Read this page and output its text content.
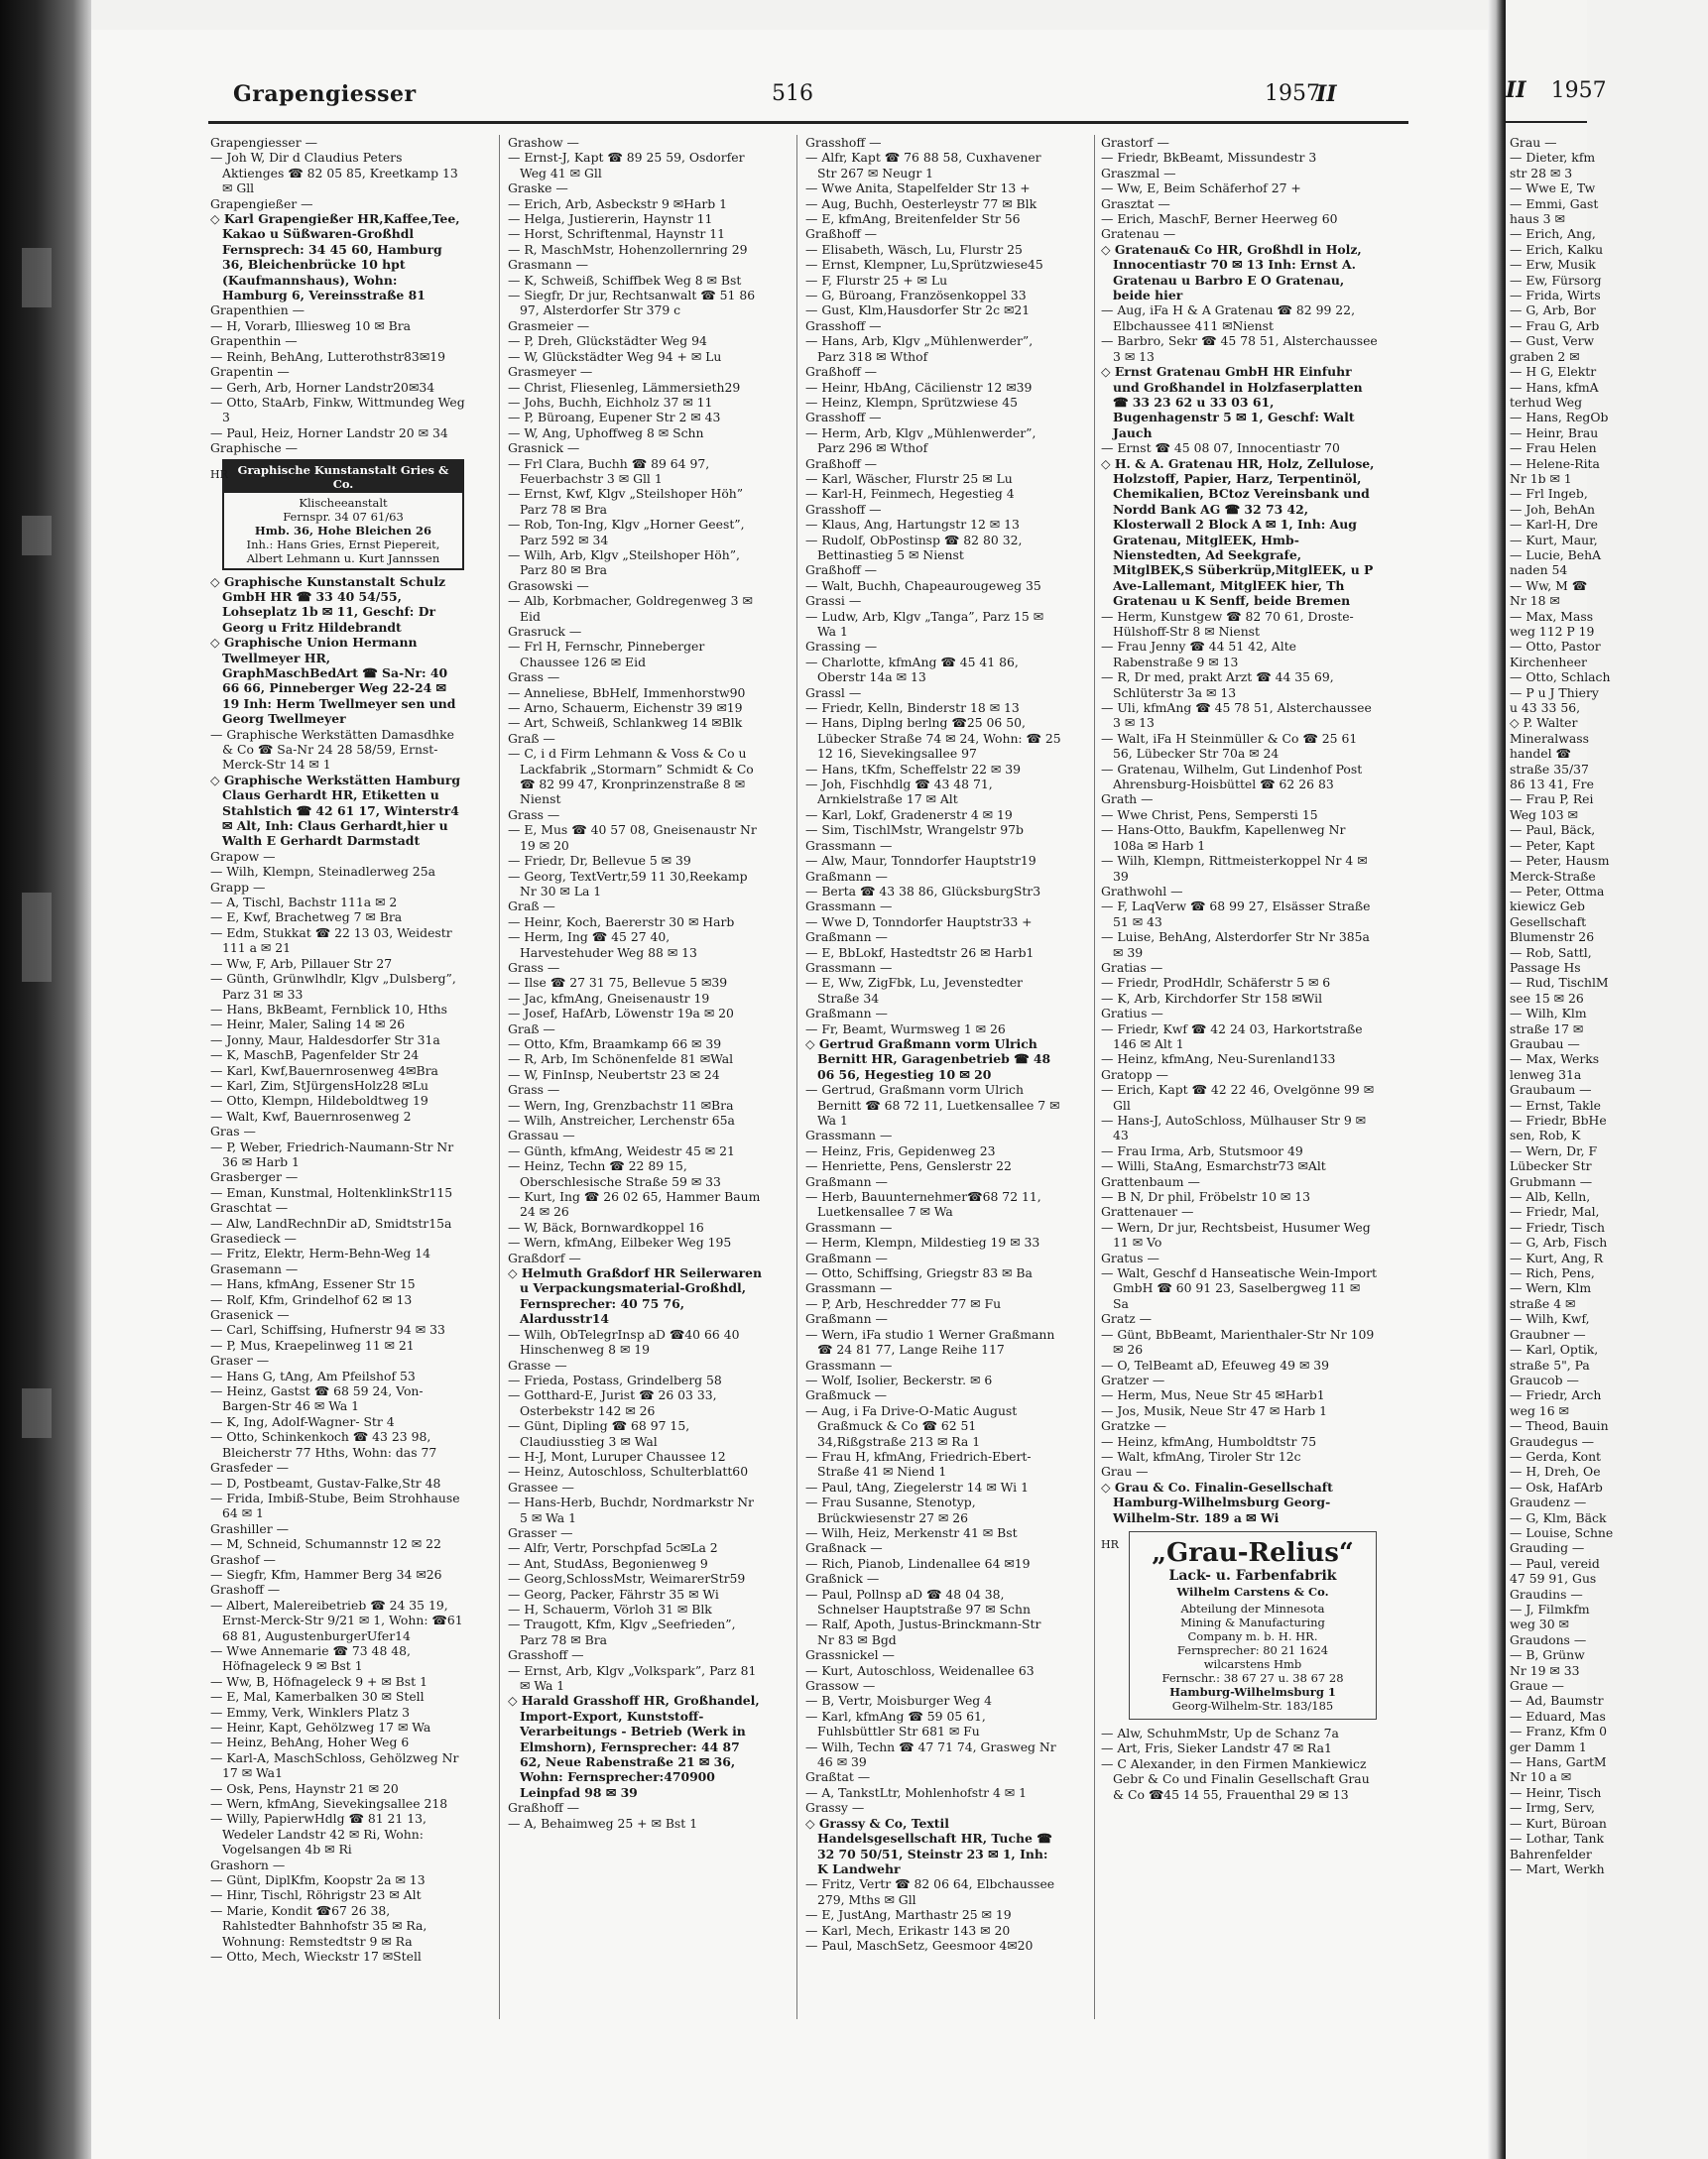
Grapengiesser	516	1957
II

Grapengiesser —

— Joh W, Dir d Claudius Peters Aktienges ☎ 82 05 85, Kreetkamp 13 ✉ Gll

Grapengießer —

◇ Karl Grapengießer HR,Kaffee,Tee, Kakao u Süßwaren-Großhdl Fernsprech: 34 45 60, Hamburg 36, Bleichenbrücke 10 hpt (Kaufmannshaus), Wohn: Hamburg 6, Vereinsstraße 81

Grapenthien —

— H, Vorarb, Illiesweg 10 ✉ Bra

Grapenthin —

— Reinh, BehAng, Lutterothstr83✉19

Grapentin —

— Gerh, Arb, Horner Landstr20✉34

— Otto, StaArb, Finkw, Wittmundeg Weg 3

— Paul, Heiz, Horner Landstr 20 ✉ 34

Graphische —

HR Graphische Kunstanstalt Gries & Co.
Klischeeanstalt
Fernspr. 34 07 61/63
Hmb. 36, Hohe Bleichen 26
Inh.: Hans Gries, Ernst Piepereit, Albert Lehmann u. Kurt Jannssen

◇ Graphische Kunstanstalt Schulz GmbH HR ☎ 33 40 54/55, Lohseplatz 1b ✉ 11, Geschf: Dr Georg u Fritz Hildebrandt

◇ Graphische Union Hermann Twellmeyer HR, GraphMaschBedArt ☎ Sa-Nr: 40 66 66, Pinneberger Weg 22-24 ✉ 19 Inh: Herm Twellmeyer sen und Georg Twellmeyer

— Graphische Werkstätten Damasdhke & Co ☎ Sa-Nr 24 28 58/59, Ernst-Merck-Str 14 ✉ 1

◇ Graphische Werkstätten Hamburg Claus Gerhardt HR, Etiketten u Stahlstich ☎ 42 61 17, Winterstr4 ✉ Alt, Inh: Claus Gerhardt,hier u Walth E Gerhardt Darmstadt

Grapow —

— Wilh, Klempn, Steinadlerweg 25a

Grapp —

— A, Tischl, Bachstr 111a ✉ 2

— E, Kwf, Brachetweg 7 ✉ Bra

— Edm, Stukkat ☎ 22 13 03, Weidestr 111 a ✉ 21

— Ww, F, Arb, Pillauer Str 27

— Günth, Grünwlhdlr, Klgv „Dulsberg”, Parz 31 ✉ 33

— Hans, BkBeamt, Fernblick 10, Hths

— Heinr, Maler, Saling 14 ✉ 26

— Jonny, Maur, Haldesdorfer Str 31a

— K, MaschB, Pagenfelder Str 24

— Karl, Kwf,Bauernrosenweg 4✉Bra

— Karl, Zim, StJürgensHolz28 ✉Lu

— Otto, Klempn, Hildeboldtweg 19

— Walt, Kwf, Bauernrosenweg 2

Gras —

— P, Weber, Friedrich-Naumann-Str Nr 36 ✉ Harb 1

Grasberger —

— Eman, Kunstmal, HoltenklinkStr115

Graschtat —

— Alw, LandRechnDir aD, Smidtstr15a

Grasedieck —

— Fritz, Elektr, Herm-Behn-Weg 14

Grasemann —

— Hans, kfmAng, Essener Str 15

— Rolf, Kfm, Grindelhof 62 ✉ 13

Grasenick —

— Carl, Schiffsing, Hufnerstr 94 ✉ 33

— P, Mus, Kraepelinweg 11 ✉ 21

Graser —

— Hans G, tAng, Am Pfeilshof 53

— Heinz, Gastst ☎ 68 59 24, Von-Bargen-Str 46 ✉ Wa 1

— K, Ing, Adolf-Wagner- Str 4

— Otto, Schinkenkoch ☎ 43 23 98, Bleicherstr 77 Hths, Wohn: das 77

Grasfeder —

— D, Postbeamt, Gustav-Falke,Str 48

— Frida, Imbiß-Stube, Beim Strohhause 64 ✉ 1

Grashiller —

— M, Schneid, Schumannstr 12 ✉ 22

Grashof —

— Siegfr, Kfm, Hammer Berg 34 ✉26

Grashoff —

— Albert, Malereibetrieb ☎ 24 35 19, Ernst-Merck-Str 9/21 ✉ 1, Wohn: ☎61 68 81, AugustenburgerUfer14

— Wwe Annemarie ☎ 73 48 48, Höfnageleck 9 ✉ Bst 1

— Ww, B, Höfnageleck 9 + ✉ Bst 1

— E, Mal, Kamerbalken 30 ✉ Stell

— Emmy, Verk, Winklers Platz 3

— Heinr, Kapt, Gehölzweg 17 ✉ Wa

— Heinz, BehAng, Hoher Weg 6

— Karl-A, MaschSchloss, Gehölzweg Nr 17 ✉ Wa1

— Osk, Pens, Haynstr 21 ✉ 20

— Wern, kfmAng, Sievekingsallee 218

— Willy, PapierwHdlg ☎ 81 21 13, Wedeler Landstr 42 ✉ Ri, Wohn: Vogelsangen 4b ✉ Ri

Grashorn —

— Günt, DiplKfm, Koopstr 2a ✉ 13

— Hinr, Tischl, Röhrigstr 23 ✉ Alt

— Marie, Kondit ☎67 26 38, Rahlstedter Bahnhofstr 35 ✉ Ra, Wohnung: Remstedtstr 9 ✉ Ra

— Otto, Mech, Wieckstr 17 ✉Stell

Grashow —

— Ernst-J, Kapt ☎ 89 25 59, Osdorfer Weg 41 ✉ Gll

Graske —

— Erich, Arb, Asbeckstr 9 ✉Harb 1

— Helga, Justiererin, Haynstr 11

— Horst, Schriftenmal, Haynstr 11

— R, MaschMstr, Hohenzollernring 29

Grasmann —

— K, Schweiß, Schiffbek Weg 8 ✉ Bst

— Siegfr, Dr jur, Rechtsanwalt ☎ 51 86 97, Alsterdorfer Str 379 c

Grasmeier —

— P, Dreh, Glückstädter Weg 94

— W, Glückstädter Weg 94 + ✉ Lu

Grasmeyer —

— Christ, Fliesenleg, Lämmersieth29

— Johs, Buchh, Eichholz 37 ✉ 11

— P, Büroang, Eupener Str 2 ✉ 43

— W, Ang, Uphoffweg 8 ✉ Schn

Grasnick —

— Frl Clara, Buchh ☎ 89 64 97, Feuerbachstr 3 ✉ Gll 1

— Ernst, Kwf, Klgv „Steilshoper Höh” Parz 78 ✉ Bra

— Rob, Ton-Ing, Klgv „Horner Geest”, Parz 592 ✉ 34

— Wilh, Arb, Klgv „Steilshoper Höh”, Parz 80 ✉ Bra

Grasowski —

— Alb, Korbmacher, Goldregenweg 3 ✉ Eid

Grasruck —

— Frl H, Fernschr, Pinneberger Chaussee 126 ✉ Eid

Grass —

— Anneliese, BbHelf, Immenhorstw90

— Arno, Schauerm, Eichenstr 39 ✉19

— Art, Schweiß, Schlankweg 14 ✉Blk

Graß —

— C, i d Firm Lehmann & Voss & Co u Lackfabrik „Stormarn” Schmidt & Co ☎ 82 99 47, Kronprinzenstraße 8 ✉ Nienst

Grass —

— E, Mus ☎ 40 57 08, Gneisenaustr Nr 19 ✉ 20

— Friedr, Dr, Bellevue 5 ✉ 39

— Georg, TextVertr,59 11 30,Reekamp Nr 30 ✉ La 1

Graß —

— Heinr, Koch, Baererstr 30 ✉ Harb

— Herm, Ing ☎ 45 27 40, Harvestehuder Weg 88 ✉ 13

Grass —

— Ilse ☎ 27 31 75, Bellevue 5 ✉39

— Jac, kfmAng, Gneisenaustr 19

— Josef, HafArb, Löwenstr 19a ✉ 20

Graß —

— Otto, Kfm, Braamkamp 66 ✉ 39

— R, Arb, Im Schönenfelde 81 ✉Wal

— W, FinInsp, Neubertstr 23 ✉ 24

Grass —

— Wern, Ing, Grenzbachstr 11 ✉Bra

— Wilh, Anstreicher, Lerchenstr 65a

Grassau —

— Günth, kfmAng, Weidestr 45 ✉ 21

— Heinz, Techn ☎ 22 89 15, Oberschlesische Straße 59 ✉ 33

— Kurt, Ing ☎ 26 02 65, Hammer Baum 24 ✉ 26

— W, Bäck, Bornwardkoppel 16

— Wern, kfmAng, Eilbeker Weg 195

Graßdorf —

◇ Helmuth Graßdorf HR Seilerwaren u Verpackungsmaterial-Großhdl, Fernsprecher: 40 75 76, Alardusstr14

— Wilh, ObTelegrInsp aD ☎40 66 40 Hinschenweg 8 ✉ 19

Grasse —

— Frieda, Postass, Grindelberg 58

— Gotthard-E, Jurist ☎ 26 03 33, Osterbekstr 142 ✉ 26

— Günt, Dipling ☎ 68 97 15, Claudiusstieg 3 ✉ Wal

— H-J, Mont, Luruper Chaussee 12

— Heinz, Autoschloss, Schulterblatt60

Grassee —

— Hans-Herb, Buchdr, Nordmarkstr Nr 5 ✉ Wa 1

Grasser —

— Alfr, Vertr, Porschpfad 5c✉La 2

— Ant, StudAss, Begonienweg 9

— Georg,SchlossMstr, WeimarerStr59

— Georg, Packer, Fährstr 35 ✉ Wi

— H, Schauerm, Vörloh 31 ✉ Blk

— Traugott, Kfm, Klgv „Seefrieden”, Parz 78 ✉ Bra

Grasshoff —

— Ernst, Arb, Klgv „Volkspark”, Parz 81 ✉ Wa 1

◇ Harald Grasshoff HR, Großhandel, Import-Export, Kunststoff-Verarbeitungs - Betrieb (Werk in Elmshorn), Fernsprecher: 44 87 62, Neue Rabenstraße 21 ✉ 36, Wohn: Fernsprecher:470900 Leinpfad 98 ✉ 39

Graßhoff —

— A, Behaimweg 25 + ✉ Bst 1

Grasshoff —

— Alfr, Kapt ☎ 76 88 58, Cuxhavener Str 267 ✉ Neugr 1

— Wwe Anita, Stapelfelder Str 13 +

— Aug, Buchh, Oesterleystr 77 ✉ Blk

— E, kfmAng, Breitenfelder Str 56

Graßhoff —

— Elisabeth, Wäsch, Lu, Flurstr 25

— Ernst, Klempner, Lu,Sprützwiese45

— F, Flurstr 25 + ✉ Lu

— G, Büroang, Französenkoppel 33

— Gust, Klm,Hausdorfer Str 2c ✉21

Grasshoff —

— Hans, Arb, Klgv „Mühlenwerder”, Parz 318 ✉ Wthof

Graßhoff —

— Heinr, HbAng, Cäcilienstr 12 ✉39

— Heinz, Klempn, Sprützwiese 45

Grasshoff —

— Herm, Arb, Klgv „Mühlenwerder”, Parz 296 ✉ Wthof

Graßhoff —

— Karl, Wäscher, Flurstr 25 ✉ Lu

— Karl-H, Feinmech, Hegestieg 4

Grasshoff —

— Klaus, Ang, Hartungstr 12 ✉ 13

— Rudolf, ObPostinsp ☎ 82 80 32, Bettinastieg 5 ✉ Nienst

Graßhoff —

— Walt, Buchh, Chapeaurougeweg 35

Grassi —

— Ludw, Arb, Klgv „Tanga”, Parz 15 ✉ Wa 1

Grassing —

— Charlotte, kfmAng ☎ 45 41 86, Oberstr 14a ✉ 13

Grassl —

— Friedr, Kelln, Binderstr 18 ✉ 13

— Hans, Diplng berlng ☎25 06 50, Lübecker Straße 74 ✉ 24, Wohn: ☎ 25 12 16, Sievekingsallee 97

— Hans, tKfm, Scheffelstr 22 ✉ 39

— Joh, Fischhdlg ☎ 43 48 71, Arnkielstraße 17 ✉ Alt

— Karl, Lokf, Gradenerstr 4 ✉ 19

— Sim, TischlMstr, Wrangelstr 97b

Grassmann —

— Alw, Maur, Tonndorfer Hauptstr19

Graßmann —

— Berta ☎ 43 38 86, GlücksburgStr3

Grassmann —

— Wwe D, Tonndorfer Hauptstr33 +

Graßmann —

— E, BbLokf, Hastedtstr 26 ✉ Harb1

Grassmann —

— E, Ww, ZigFbk, Lu, Jevenstedter Straße 34

Graßmann —

— Fr, Beamt, Wurmsweg 1 ✉ 26

◇ Gertrud Graßmann vorm Ulrich Bernitt HR, Garagenbetrieb ☎ 48 06 56, Hegestieg 10 ✉ 20

— Gertrud, Graßmann vorm Ulrich Bernitt ☎ 68 72 11, Luetkensallee 7 ✉ Wa 1

Grassmann —

— Heinz, Fris, Gepidenweg 23

— Henriette, Pens, Genslerstr 22

Graßmann —

— Herb, Bauunternehmer☎68 72 11, Luetkensallee 7 ✉ Wa

Grassmann —

— Herm, Klempn, Mildestieg 19 ✉ 33

Graßmann —

— Otto, Schiffsing, Griegstr 83 ✉ Ba

Grassmann —

— P, Arb, Heschredder 77 ✉ Fu

Graßmann —

— Wern, iFa studio 1 Werner Graßmann ☎ 24 81 77, Lange Reihe 117

Grassmann —

— Wolf, Isolier, Beckerstr. ✉ 6

Graßmuck —

— Aug, i Fa Drive-O-Matic August Graßmuck & Co ☎ 62 51 34,Rißgstraße 213 ✉ Ra 1

— Frau H, kfmAng, Friedrich-Ebert-Straße 41 ✉ Niend 1

— Paul, tAng, Ziegelerstr 14 ✉ Wi 1

— Frau Susanne, Stenotyp, Brückwiesenstr 27 ✉ 26

— Wilh, Heiz, Merkenstr 41 ✉ Bst

Graßnack —

— Rich, Pianob, Lindenallee 64 ✉19

Graßnick —

— Paul, Pollnsp aD ☎ 48 04 38, Schnelser Hauptstraße 97 ✉ Schn

— Ralf, Apoth, Justus-Brinckmann-Str Nr 83 ✉ Bgd

Grassnickel —

— Kurt, Autoschloss, Weidenallee 63

Grassow —

— B, Vertr, Moisburger Weg 4

— Karl, kfmAng ☎ 59 05 61, Fuhlsbüttler Str 681 ✉ Fu

— Wilh, Techn ☎ 47 71 74, Grasweg Nr 46 ✉ 39

Graßtat —

— A, TankstLtr, Mohlenhofstr 4 ✉ 1

Grassy —

◇ Grassy & Co, Textil Handelsgesellschaft HR, Tuche ☎ 32 70 50/51, Steinstr 23 ✉ 1, Inh: K Landwehr

— Fritz, Vertr ☎ 82 06 64, Elbchaussee 279, Mths ✉ Gll

— E, JustAng, Marthastr 25 ✉ 19

— Karl, Mech, Erikastr 143 ✉ 20

— Paul, MaschSetz, Geesmoor 4✉20

Grastorf —

— Friedr, BkBeamt, Missundestr 3

Graszmal —

— Ww, E, Beim Schäferhof 27 +

Grasztat —

— Erich, MaschF, Berner Heerweg 60

Gratenau —

◇ Gratenau& Co HR, Großhdl in Holz, Innocentiastr 70 ✉ 13 Inh: Ernst A. Gratenau u Barbro E O Gratenau, beide hier

— Aug, iFa H & A Gratenau ☎ 82 99 22, Elbchaussee 411 ✉Nienst

— Barbro, Sekr ☎ 45 78 51, Alsterchaussee 3 ✉ 13

◇ Ernst Gratenau GmbH HR Einfuhr und Großhandel in Holzfaserplatten ☎ 33 23 62 u 33 03 61, Bugenhagenstr 5 ✉ 1, Geschf: Walt Jauch

— Ernst ☎ 45 08 07, Innocentiastr 70

◇ H. & A. Gratenau HR, Holz, Zellulose, Holzstoff, Papier, Harz, Terpentinöl, Chemikalien, BCtoz Vereinsbank und Nordd Bank AG ☎ 32 73 42, Klosterwall 2 Block A ✉ 1, Inh: Aug Gratenau, MitglEEK, Hmb-Nienstedten, Ad Seekgrafe, MitglBEK,S Süberkrüp,MitglEEK, u P Ave-Lallemant, MitglEEK hier, Th Gratenau u K Senff, beide Bremen

— Herm, Kunstgew ☎ 82 70 61, Droste-Hülshoff-Str 8 ✉ Nienst

— Frau Jenny ☎ 44 51 42, Alte Rabenstraße 9 ✉ 13

— R, Dr med, prakt Arzt ☎ 44 35 69, Schlüterstr 3a ✉ 13

— Uli, kfmAng ☎ 45 78 51, Alsterchaussee 3 ✉ 13

— Walt, iFa H Steinmüller & Co ☎ 25 61 56, Lübecker Str 70a ✉ 24

— Gratenau, Wilhelm, Gut Lindenhof Post Ahrensburg-Hoisbüttel ☎ 62 26 83

Grath —

— Wwe Christ, Pens, Sempersti 15

— Hans-Otto, Baukfm, Kapellenweg Nr 108a ✉ Harb 1

— Wilh, Klempn, Rittmeisterkoppel Nr 4 ✉ 39

Grathwohl —

— F, LaqVerw ☎ 68 99 27, Elsässer Straße 51 ✉ 43

— Luise, BehAng, Alsterdorfer Str Nr 385a ✉ 39

Gratias —

— Friedr, ProdHdlr, Schäferstr 5 ✉ 6

— K, Arb, Kirchdorfer Str 158 ✉Wil

Gratius —

— Friedr, Kwf ☎ 42 24 03, Harkortstraße 146 ✉ Alt 1

— Heinz, kfmAng, Neu-Surenland133

Gratopp —

— Erich, Kapt ☎ 42 22 46, Ovelgönne 99 ✉ Gll

— Hans-J, AutoSchloss, Mülhauser Str 9 ✉ 43

— Frau Irma, Arb, Stutsmoor 49

— Willi, StaAng, Esmarchstr73 ✉Alt

Grattenbaum —

— B N, Dr phil, Fröbelstr 10 ✉ 13

Grattenauer —

— Wern, Dr jur, Rechtsbeist, Husumer Weg 11 ✉ Vo

Gratus —

— Walt, Geschf d Hanseatische Wein-Import GmbH ☎ 60 91 23, Saselbergweg 11 ✉ Sa

Gratz —

— Günt, BbBeamt, Marienthaler-Str Nr 109 ✉ 26

— O, TelBeamt aD, Efeuweg 49 ✉ 39

Gratzer —

— Herm, Mus, Neue Str 45 ✉Harb1

— Jos, Musik, Neue Str 47 ✉ Harb 1

Gratzke —

— Heinz, kfmAng, Humboldtstr 75

— Walt, kfmAng, Tiroler Str 12c

Grau —

◇ Grau & Co. Finalin-Gesellschaft Hamburg-Wilhelmsburg Georg-Wilhelm-Str. 189 a ✉ Wi

HR	„Grau-Relius“
Lack- u. Farbenfabrik
Wilhelm Carstens & Co.
Abteilung der Minnesota
Mining & Manufacturing
Company m. b. H. HR.
Fernsprecher: 80 21 1624
wilcarstens Hmb
Fernschr.: 38 67 27 u. 38 67 28
Hamburg-Wilhelmsburg 1
Georg-Wilhelm-Str. 183/185

— Alw, SchuhmMstr, Up de Schanz 7a

— Art, Fris, Sieker Landstr 47 ✉ Ra1

— C Alexander, in den Firmen Mankiewicz Gebr & Co und Finalin Gesellschaft Grau & Co ☎45 14 55, Frauenthal 29 ✉ 13

II 1957
Grau —
— Dieter, kfm
str 28 ✉ 3
— Wwe E, Tw
— Emmi, Gast
haus 3 ✉
— Erich, Ang,
— Erich, Kalku
— Erw, Musik
— Ew, Fürsorg
— Frida, Wirts
— G, Arb, Bor
— Frau G, Arb
— Gust, Verw
graben 2 ✉
— H G, Elektr
— Hans, kfmA
terhud Weg
— Hans, RegOb
— Heinr, Brau
— Frau Helen
— Helene-Rita
Nr 1b ✉ 1
— Frl Ingeb,
— Joh, BehAn
— Karl-H, Dre
— Kurt, Maur,
— Lucie, BehA
naden 54
— Ww, M ☎
Nr 18 ✉
— Max, Mass
weg 112 P 19
— Otto, Pastor
Kirchenheer
— Otto, Schlach
— P u J Thiery
u 43 33 56,
◇ P. Walter
Mineralwass
handel ☎
straße 35/37
86 13 41, Fre
— Frau P, Rei
Weg 103 ✉
— Paul, Bäck,
— Peter, Kapt
— Peter, Hausm
Merck-Straße
— Peter, Ottma
kiewicz Geb
Gesellschaft
Blumenstr 26
— Rob, Sattl,
Passage Hs
— Rud, TischlM
see 15 ✉ 26
— Wilh, Klm
straße 17 ✉
Graubau —
— Max, Werks
lenweg 31a
Graubaum —
— Ernst, Takle
— Friedr, BbHe
sen, Rob, K
— Wern, Dr, F
Lübecker Str
Grubmann —
— Alb, Kelln,
— Friedr, Mal,
— Friedr, Tisch
— G, Arb, Fisch
— Kurt, Ang, R
— Rich, Pens,
— Wern, Klm
straße 4 ✉
— Wilh, Kwf,
Graubner —
— Karl, Optik,
straße 5", Pa
Graucob —
— Friedr, Arch
weg 16 ✉
— Theod, Bauin
Graudegus —
— Gerda, Kont
— H, Dreh, Oe
— Osk, HafArb
Graudenz —
— G, Klm, Bäck
— Louise, Schne
Grauding —
— Paul, vereid
47 59 91, Gus
Graudins —
— J, Filmkfm
weg 30 ✉
Graudons —
— B, Grünw
Nr 19 ✉ 33
Graue —
— Ad, Baumstr
— Eduard, Mas
— Franz, Kfm 0
ger Damm 1
— Hans, GartM
Nr 10 a ✉
— Heinr, Tisch
— Irmg, Serv,
— Kurt, Büroan
— Lothar, Tank
Bahrenfelder
— Mart, Werkh
